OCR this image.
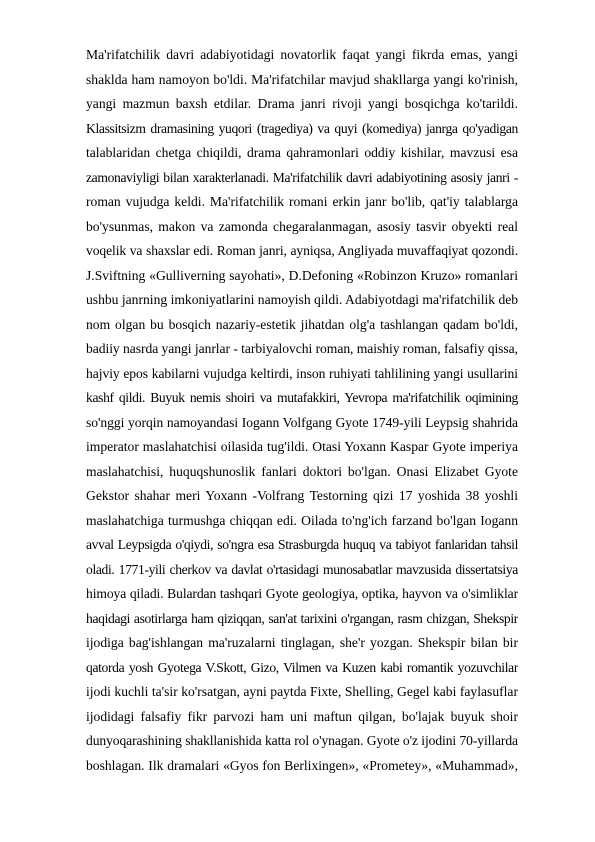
Ma'rifatchilik davri adabiyotidagi novatorlik faqat yangi fikrda emas, yangi
shaklda ham namoyon bo'ldi. Ma'rifatchilar mavjud shakllarga yangi ko'rinish,
yangi mazmun baxsh etdilar. Drama janri rivoji yangi bosqichga ko'tarildi.
Klassitsizm dramasining yuqori (tragediya) va quyi (komediya) janrga qo'yadigan
talablaridan chetga chiqildi, drama qahramonlari oddiy kishilar, mavzusi esa
zamonaviyligi bilan xarakterlanadi. Ma'rifatchilik davri adabiyotining asosiy janri -
roman vujudga keldi. Ma'rifatchilik romani erkin janr bo'lib, qat'iy talablarga
bo'ysunmas, makon va zamonda chegaralanmagan, asosiy tasvir obyekti real
voqelik va shaxslar edi. Roman janri, ayniqsa, Angliyada muvaffaqiyat qozondi.
J.Sviftning «Gulliverning sayohati», D.Defoning «Robinzon Kruzo» romanlari
ushbu janrning imkoniyatlarini namoyish qildi. Adabiyotdagi ma'rifatchilik deb
nom olgan bu bosqich nazariy-estetik jihatdan olg'a tashlangan qadam bo'ldi,
badiiy nasrda yangi janrlar - tarbiyalovchi roman, maishiy roman, falsafiy qissa,
hajviy epos kabilarni vujudga keltirdi, inson ruhiyati tahlilining yangi usullarini
kashf qildi. Buyuk nemis shoiri va mutafakkiri, Yevropa ma'rifatchilik oqimining
so'nggi yorqin namoyandasi Iogann Volfgang Gyote 1749-yili Leypsig shahrida
imperator maslahatchisi oilasida tug'ildi. Otasi Yoxann Kaspar Gyote imperiya
maslahatchisi, huquqshunoslik fanlari doktori bo'lgan. Onasi Elizabet Gyote
Gekstor shahar meri Yoxann -Volfrang Testorning qizi 17 yoshida 38 yoshli
maslahatchiga turmushga chiqqan edi. Oilada to'ng'ich farzand bo'lgan Iogann
avval Leypsigda o'qiydi, so'ngra esa Strasburgda huquq va tabiyot fanlaridan tahsil
oladi. 1771-yili cherkov va davlat o'rtasidagi munosabatlar mavzusida dissertatsiya
himoya qiladi. Bulardan tashqari Gyote geologiya, optika, hayvon va o'simliklar
haqidagi asotirlarga ham qiziqqan, san'at tarixini o'rgangan, rasm chizgan, Shekspir
ijodiga bag'ishlangan ma'ruzalarni tinglagan, she'r yozgan. Shekspir bilan bir
qatorda yosh Gyotega V.Skott, Gizo, Vilmen va Kuzen kabi romantik yozuvchilar
ijodi kuchli ta'sir ko'rsatgan, ayni paytda Fixte, Shelling, Gegel kabi faylasuflar
ijodidagi falsafiy fikr parvozi ham uni maftun qilgan, bo'lajak buyuk shoir
dunyoqarashining shakllanishida katta rol o'ynagan. Gyote o'z ijodini 70-yillarda
boshlagan. Ilk dramalari «Gyos fon Berlixingen», «Prometey», «Muhammad»,
